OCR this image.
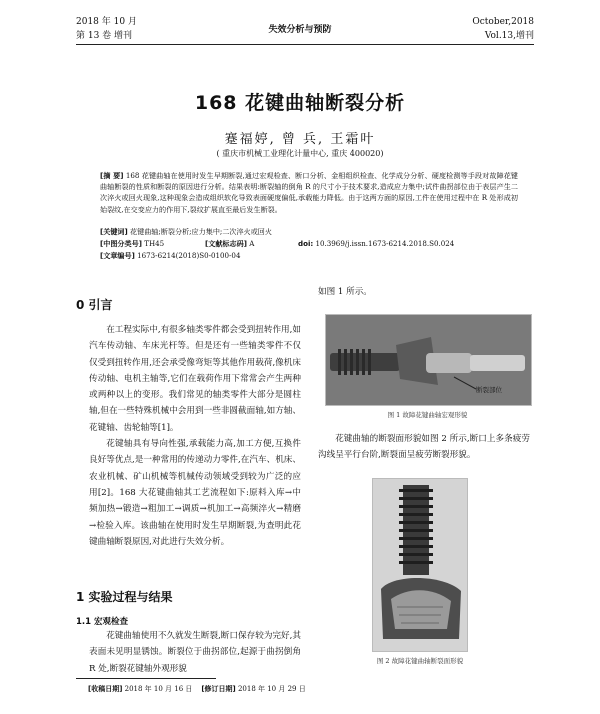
2018 年 10 月
第 13 卷 增刊
失效分析与预防
October,2018
Vol.13,增刊
168 花键曲轴断裂分析
蹇福婷, 曾 兵, 王霜叶
( 重庆市机械工业理化计量中心, 重庆 400020)
[摘 要] 168 花键曲轴在使用时发生早期断裂,通过宏观检查、断口分析、金相组织检查、化学成分分析、硬度检测等手段对故障花键曲轴断裂的性质和断裂的原因进行分析。结果表明:断裂轴的倒角 R 的尺寸小于技术要求,造成应力集中;试件曲拐部位由于表层产生二次淬火或回火现象,这种现象会造成组织软化导致表面硬度偏低,承载能力降低。由于这两方面的原因,工件在使用过程中在 R 处形成初始裂纹,在交变应力的作用下,裂纹扩展直至最后发生断裂。
[关键词] 花键曲轴;断裂分析;应力集中;二次淬火或回火
[中图分类号] TH45	[文献标志码] A	doi: 10.3969/j.issn.1673-6214.2018.S0.024
[文章编号] 1673-6214(2018)S0-0100-04
0 引言

在工程实际中,有很多轴类零件都会受到扭转作用,如汽车传动轴、车床光杆等。但是还有一些轴类零件不仅仅受到扭转作用,还会承受像弯矩等其他作用载荷,像机床传动轴、电机主轴等,它们在载荷作用下常常会产生两种或两种以上的变形。我们常见的轴类零件大部分是圆柱轴,但在一些特殊机械中会用到一些非圆截面轴,如方轴、花键轴、齿轮轴等[1]。

花键轴具有导向性强,承载能力高,加工方便,互换件良好等优点,是一种常用的传递动力零件,在汽车、机床、农业机械、矿山机械等机械传动领域受到较为广泛的应用[2]。168 大花键曲轴其工艺流程如下:原料入库→中频加热→锻造→粗加工→调质→机加工→高频淬火→精磨→检验入库。该曲轴在使用时发生早期断裂,为查明此花键曲轴断裂原因,对此进行失效分析。

1 实验过程与结果
1.1 宏观检查

花键曲轴使用不久就发生断裂,断口保存较为完好,其表面未见明显锈蚀。断裂位于曲拐部位,起源于曲拐倒角 R 处,断裂花键轴外观形貌

如图 1 所示。
断裂部位
图 1 故障花键曲轴宏观形貌

花键曲轴的断裂面形貌如图 2 所示,断口上多条疲劳沟线呈平行台阶,断裂面呈疲劳断裂形貌。

图 2 故障花键曲轴断裂面形貌
[收稿日期] 2018 年 10 月 16 日 [修订日期] 2018 年 10 月 29 日
